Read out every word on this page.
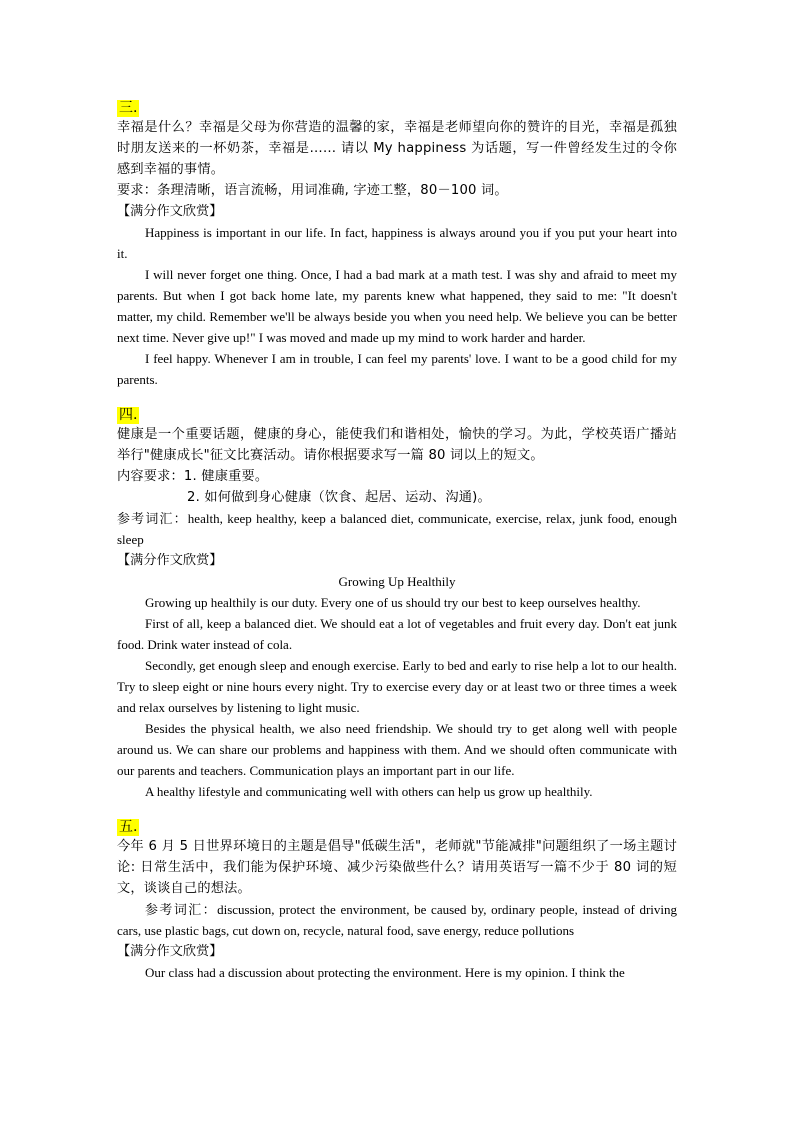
三.

幸福是什么？幸福是父母为你营造的温馨的家，幸福是老师望向你的赞许的目光，幸福是孤独时朋友送来的一杯奶茶，幸福是…… 请以 My happiness 为话题，写一件曾经发生过的令你感到幸福的事情。

要求：条理清晰，语言流畅，用词准确, 字迹工整，80－100 词。

【满分作文欣赏】

Happiness is important in our life. In fact, happiness is always around you if you put your heart into it.

I will never forget one thing. Once, I had a bad mark at a math test. I was shy and afraid to meet my parents. But when I got back home late, my parents knew what happened, they said to me: "It doesn't matter, my child. Remember we'll be always beside you when you need help. We believe you can be better next time. Never give up!" I was moved and made up my mind to work harder and harder.

I feel happy. Whenever I am in trouble, I can feel my parents' love. I want to be a good child for my parents.

四.

健康是一个重要话题，健康的身心，能使我们和谐相处，愉快的学习。为此，学校英语广播站举行"健康成长"征文比赛活动。请你根据要求写一篇 80 词以上的短文。

内容要求：1. 健康重要。

2. 如何做到身心健康（饮食、起居、运动、沟通)。

参考词汇：health, keep healthy, keep a balanced diet, communicate, exercise, relax, junk food, enough sleep

【满分作文欣赏】

Growing Up Healthily

Growing up healthily is our duty. Every one of us should try our best to keep ourselves healthy.

First of all, keep a balanced diet. We should eat a lot of vegetables and fruit every day. Don't eat junk food. Drink water instead of cola.

Secondly, get enough sleep and enough exercise. Early to bed and early to rise help a lot to our health. Try to sleep eight or nine hours every night. Try to exercise every day or at least two or three times a week and relax ourselves by listening to light music.

Besides the physical health, we also need friendship. We should try to get along well with people around us. We can share our problems and happiness with them. And we should often communicate with our parents and teachers. Communication plays an important part in our life.

A healthy lifestyle and communicating well with others can help us grow up healthily.

五.

今年 6 月 5 日世界环境日的主题是倡导"低碳生活"，老师就"节能减排"问题组织了一场主题讨论: 日常生活中，我们能为保护环境、减少污染做些什么？请用英语写一篇不少于 80 词的短文，谈谈自己的想法。

参考词汇：discussion, protect the environment, be caused by, ordinary people, instead of driving cars, use plastic bags, cut down on, recycle, natural food, save energy, reduce pollutions

【满分作文欣赏】

Our class had a discussion about protecting the environment. Here is my opinion. I think the
